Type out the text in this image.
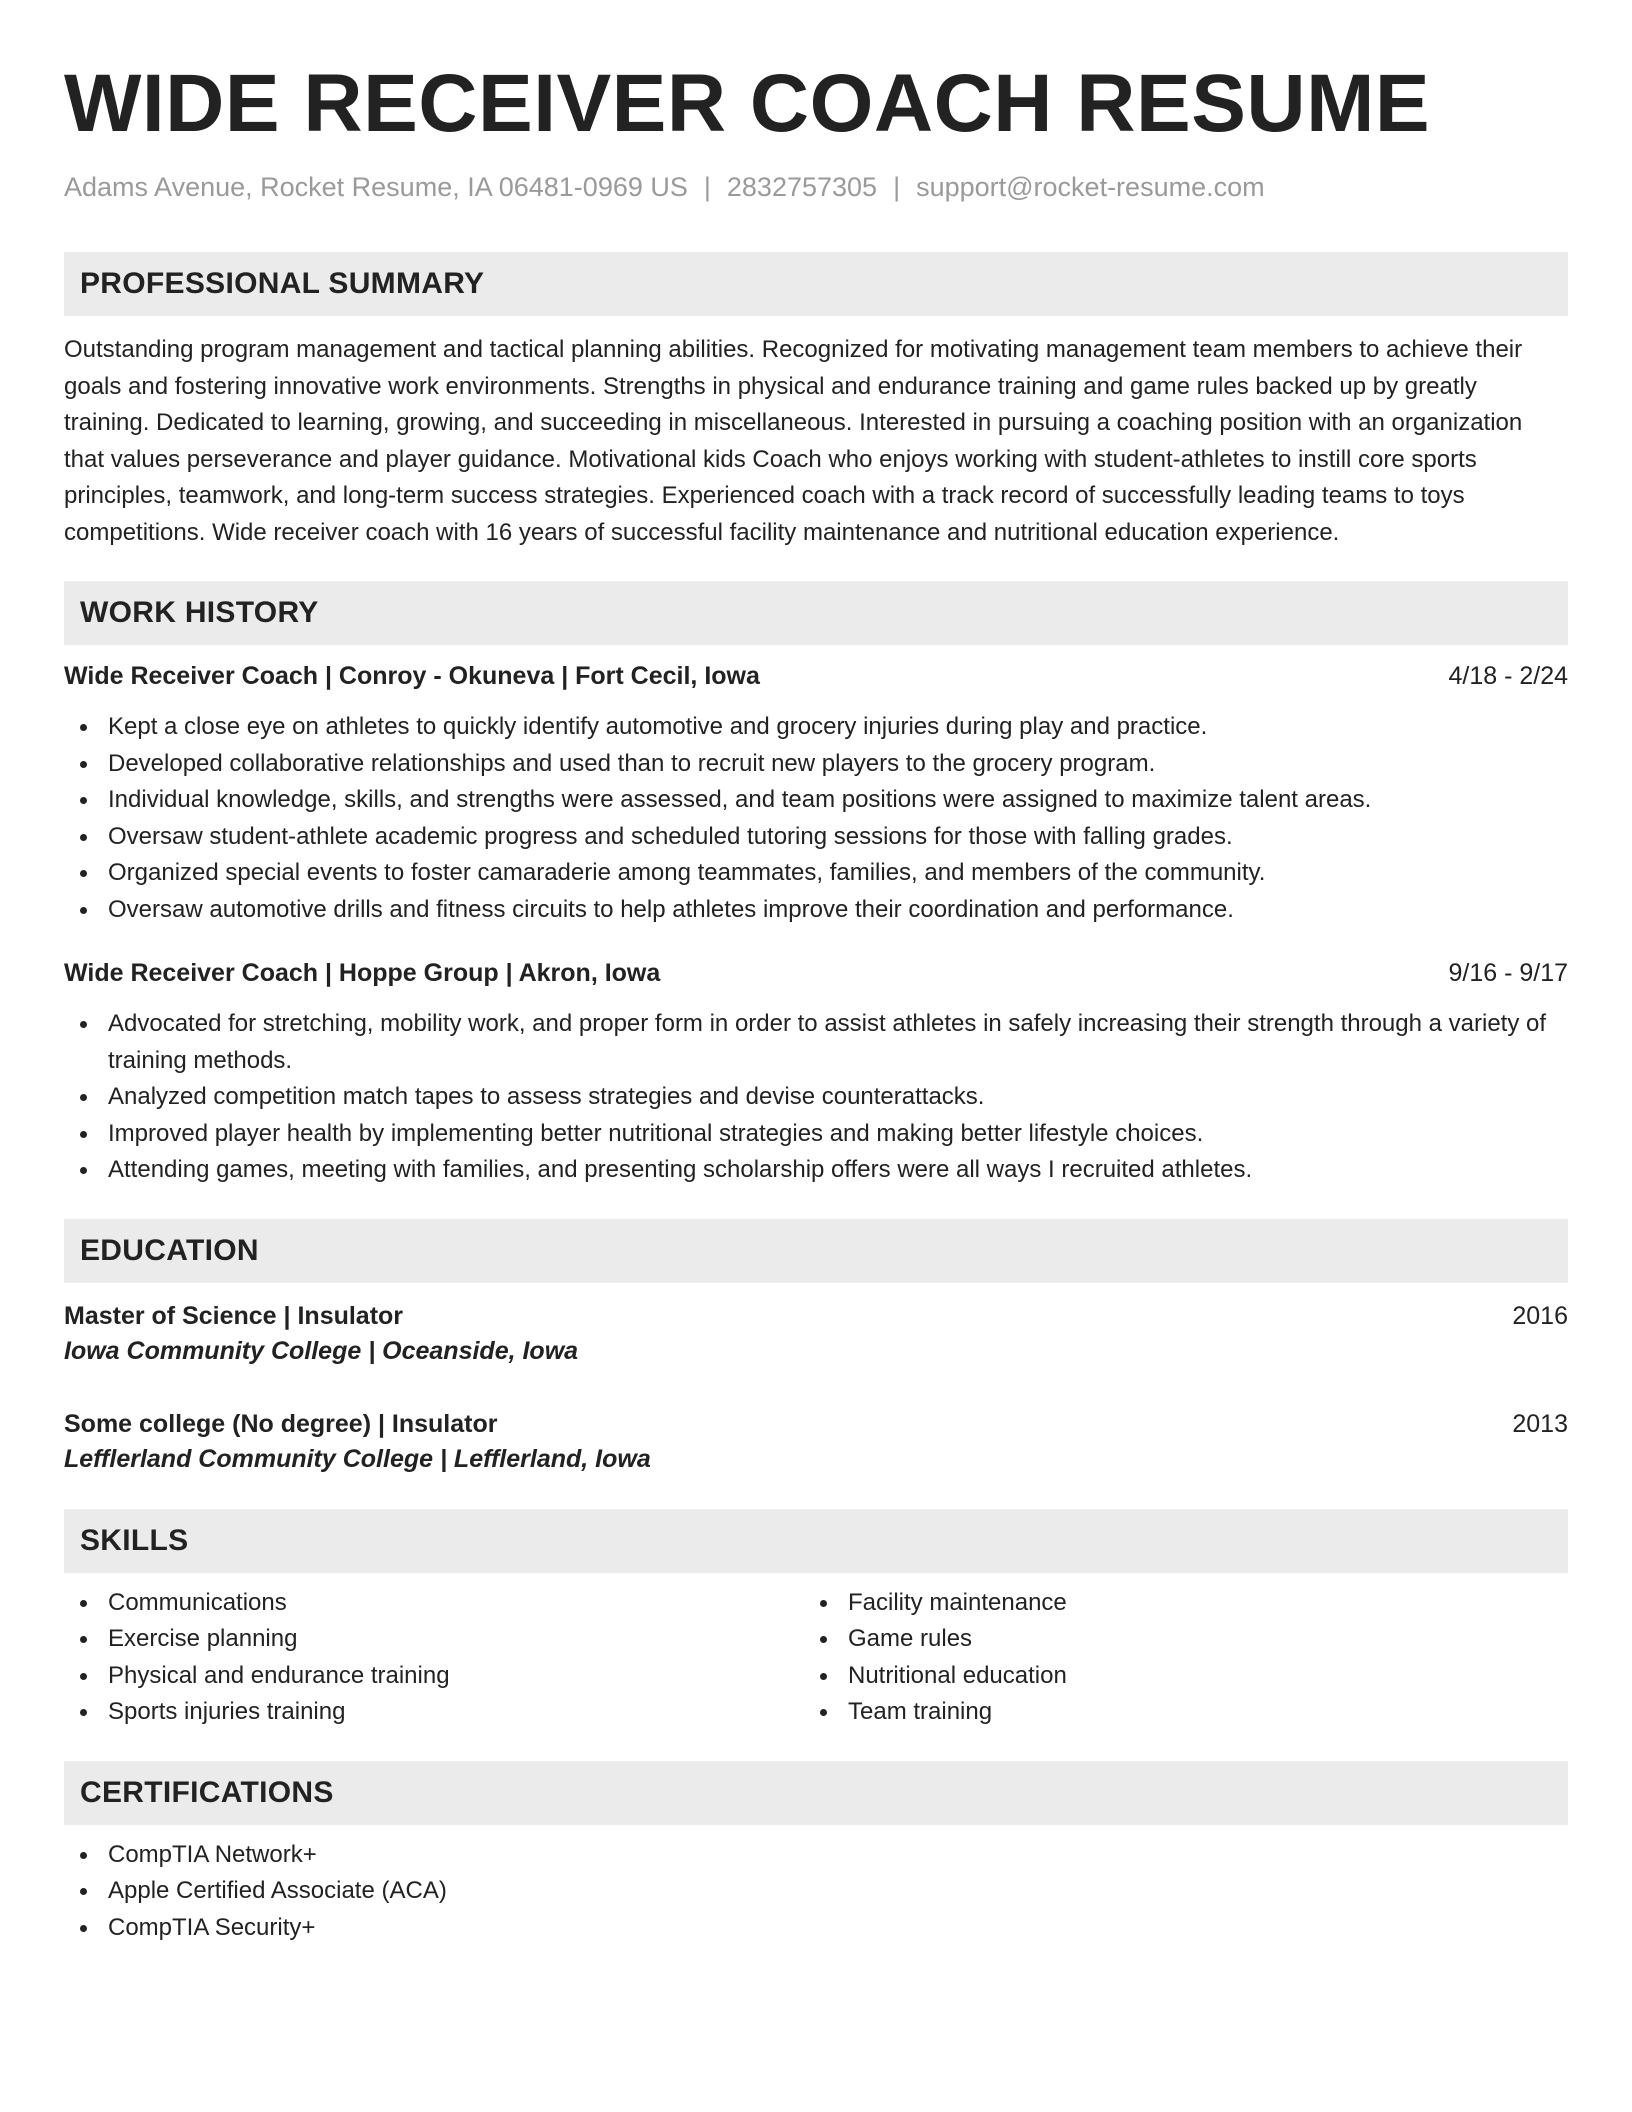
WIDE RECEIVER COACH RESUME
Adams Avenue, Rocket Resume, IA 06481-0969 US | 2832757305 | support@rocket-resume.com
PROFESSIONAL SUMMARY

Outstanding program management and tactical planning abilities. Recognized for motivating management team members to achieve their goals and fostering innovative work environments. Strengths in physical and endurance training and game rules backed up by greatly training. Dedicated to learning, growing, and succeeding in miscellaneous. Interested in pursuing a coaching position with an organization that values perseverance and player guidance. Motivational kids Coach who enjoys working with student-athletes to instill core sports principles, teamwork, and long-term success strategies. Experienced coach with a track record of successfully leading teams to toys competitions. Wide receiver coach with 16 years of successful facility maintenance and nutritional education experience.

WORK HISTORY
Wide Receiver Coach | Conroy - Okuneva | Fort Cecil, Iowa	4/18 - 2/24
Kept a close eye on athletes to quickly identify automotive and grocery injuries during play and practice.
Developed collaborative relationships and used than to recruit new players to the grocery program.
Individual knowledge, skills, and strengths were assessed, and team positions were assigned to maximize talent areas.
Oversaw student-athlete academic progress and scheduled tutoring sessions for those with falling grades.
Organized special events to foster camaraderie among teammates, families, and members of the community.
Oversaw automotive drills and fitness circuits to help athletes improve their coordination and performance.
Wide Receiver Coach | Hoppe Group | Akron, Iowa	9/16 - 9/17
Advocated for stretching, mobility work, and proper form in order to assist athletes in safely increasing their strength through a variety of training methods.
Analyzed competition match tapes to assess strategies and devise counterattacks.
Improved player health by implementing better nutritional strategies and making better lifestyle choices.
Attending games, meeting with families, and presenting scholarship offers were all ways I recruited athletes.
EDUCATION
Master of Science | Insulator	2016
Iowa Community College | Oceanside, Iowa
Some college (No degree) | Insulator	2013
Lefflerland Community College | Lefflerland, Iowa
SKILLS
Communications
Exercise planning
Physical and endurance training
Sports injuries training
Facility maintenance
Game rules
Nutritional education
Team training
CERTIFICATIONS
CompTIA Network+
Apple Certified Associate (ACA)
CompTIA Security+
